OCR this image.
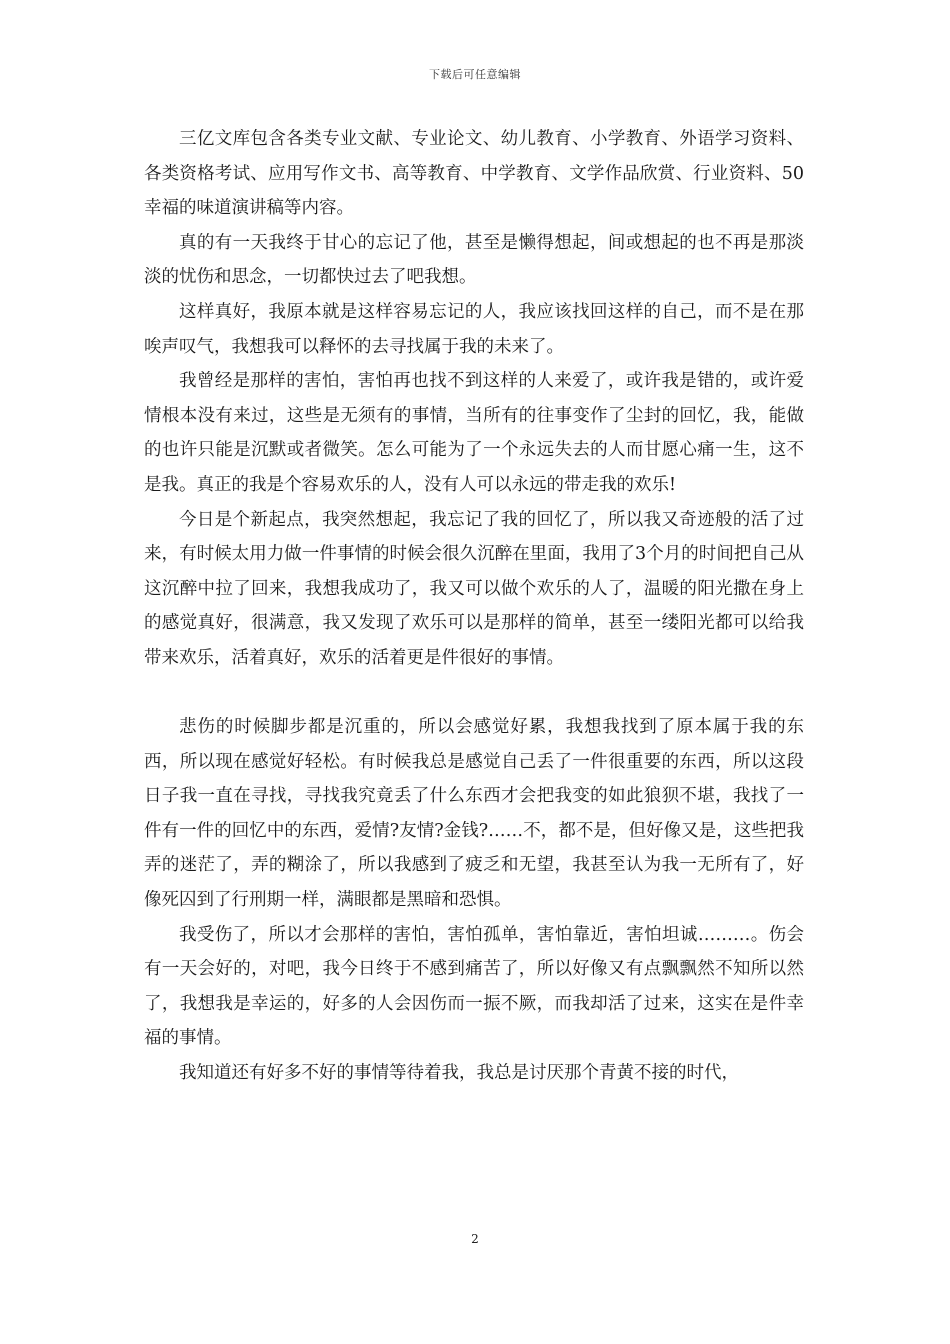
下载后可任意编辑

三亿文库包含各类专业文献、专业论文、幼儿教育、小学教育、外语学习资料、各类资格考试、应用写作文书、高等教育、中学教育、文学作品欣赏、行业资料、50幸福的味道演讲稿等内容。

真的有一天我终于甘心的忘记了他，甚至是懒得想起，间或想起的也不再是那淡淡的忧伤和思念，一切都快过去了吧我想。

这样真好，我原本就是这样容易忘记的人，我应该找回这样的自己，而不是在那唉声叹气，我想我可以释怀的去寻找属于我的未来了。

我曾经是那样的害怕，害怕再也找不到这样的人来爱了，或许我是错的，或许爱情根本没有来过，这些是无须有的事情，当所有的往事变作了尘封的回忆，我，能做的也许只能是沉默或者微笑。怎么可能为了一个永远失去的人而甘愿心痛一生，这不是我。真正的我是个容易欢乐的人，没有人可以永远的带走我的欢乐!

今日是个新起点，我突然想起，我忘记了我的回忆了，所以我又奇迹般的活了过来，有时候太用力做一件事情的时候会很久沉醉在里面，我用了3个月的时间把自己从这沉醉中拉了回来，我想我成功了，我又可以做个欢乐的人了，温暖的阳光撒在身上的感觉真好，很满意，我又发现了欢乐可以是那样的简单，甚至一缕阳光都可以给我带来欢乐，活着真好，欢乐的活着更是件很好的事情。

悲伤的时候脚步都是沉重的，所以会感觉好累，我想我找到了原本属于我的东西，所以现在感觉好轻松。有时候我总是感觉自己丢了一件很重要的东西，所以这段日子我一直在寻找，寻找我究竟丢了什么东西才会把我变的如此狼狈不堪，我找了一件有一件的回忆中的东西，爱情?友情?金钱?……不，都不是，但好像又是，这些把我弄的迷茫了，弄的糊涂了，所以我感到了疲乏和无望，我甚至认为我一无所有了，好像死囚到了行刑期一样，满眼都是黑暗和恐惧。

我受伤了，所以才会那样的害怕，害怕孤单，害怕靠近，害怕坦诚………。伤会有一天会好的，对吧，我今日终于不感到痛苦了，所以好像又有点飘飘然不知所以然了，我想我是幸运的，好多的人会因伤而一振不厥，而我却活了过来，这实在是件幸福的事情。

我知道还有好多不好的事情等待着我，我总是讨厌那个青黄不接的时代，

2
